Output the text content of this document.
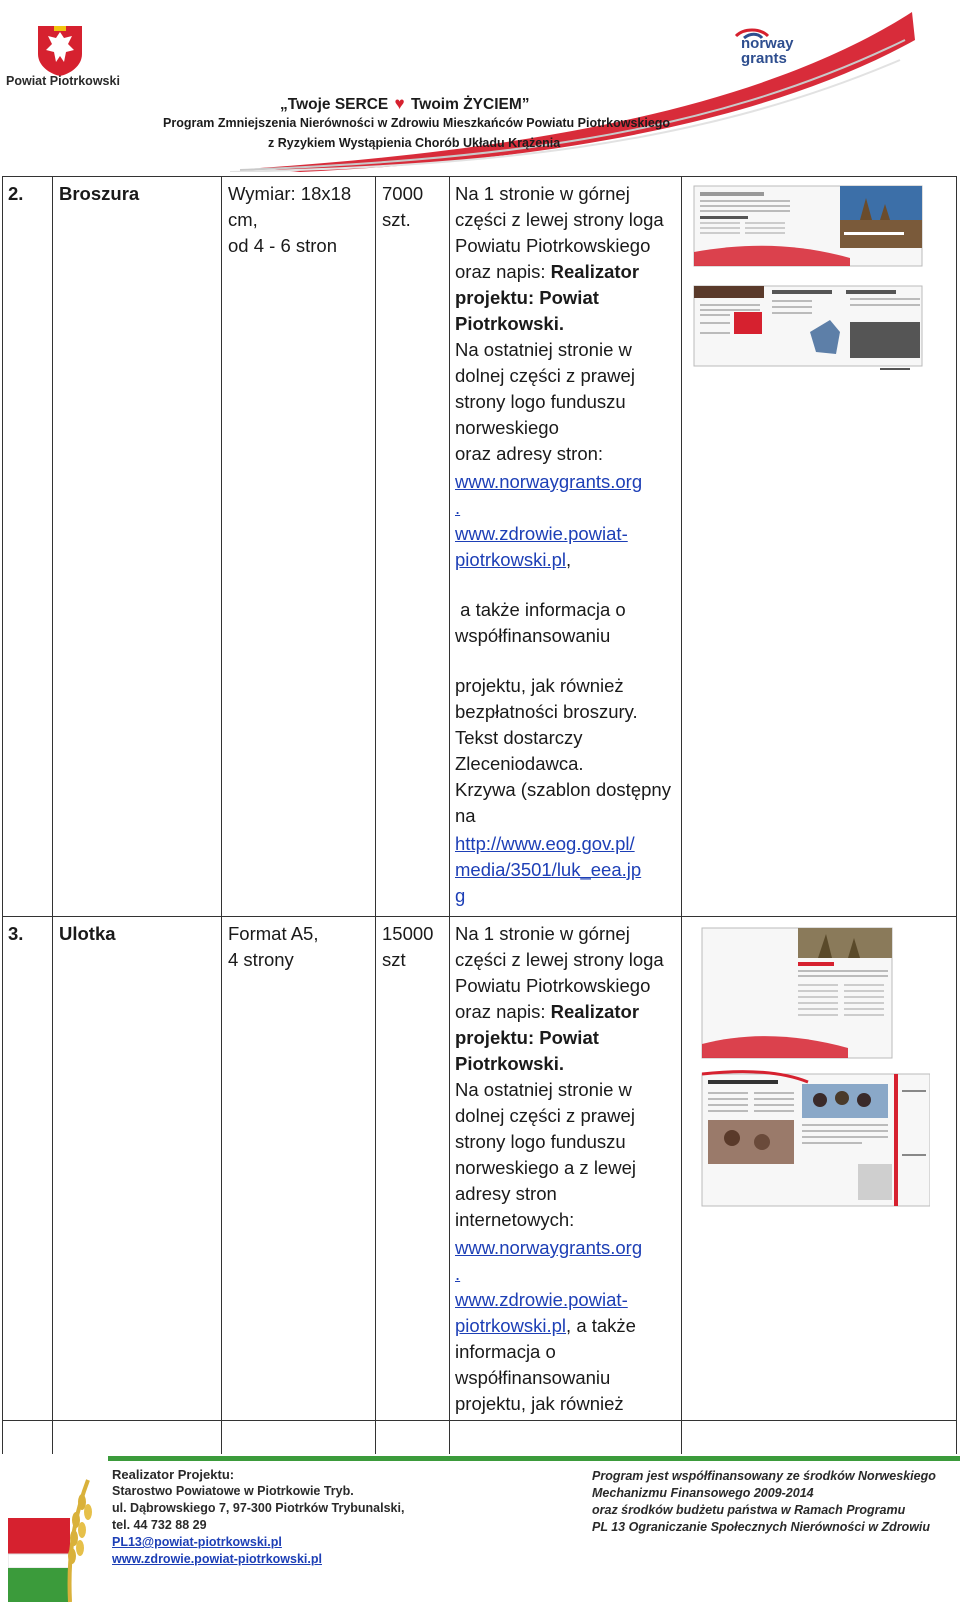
Powiat Piotrkowski
„Twoje SERCE ♥ Twoim ŻYCIEM”
Program Zmniejszenia Nierówności w Zdrowiu Mieszkańców Powiatu Piotrkowskiego
z Ryzykiem Wystąpienia Chorób Układu Krążenia
norway
grants
2. Broszura	Wymiar: 18x18
cm,
od 4 - 6 stron
7000
szt.
Na 1 stronie w górnej
części z lewej strony loga
Powiatu Piotrkowskiego
oraz napis: Realizator
projektu: Powiat
Piotrkowski.
Na ostatniej stronie w
dolnej części z prawej
strony logo funduszu
norweskiego
oraz adresy stron:
www.norwaygrants.org
.
www.zdrowie.powiat-
piotrkowski.pl,
a także informacja o
współfinansowaniu
projektu, jak również
bezpłatności broszury.
Tekst dostarczy
Zleceniodawca.
Krzywa (szablon dostępny
na
http://www.eog.gov.pl/
media/3501/luk_eea.jp
g
3. Ulotka	Format A5,
4 strony
15000
szt
Na 1 stronie w górnej
części z lewej strony loga
Powiatu Piotrkowskiego
oraz napis: Realizator
projektu: Powiat
Piotrkowski.
Na ostatniej stronie w
dolnej części z prawej
strony logo funduszu
norweskiego a z lewej
adresy stron
internetowych:
www.norwaygrants.org
.
www.zdrowie.powiat-
piotrkowski.pl, a także
informacja o
współfinansowaniu
projektu, jak również
Realizator Projektu:
Starostwo Powiatowe w Piotrkowie Tryb.
ul. Dąbrowskiego 7, 97-300 Piotrków Trybunalski,
tel. 44 732 88 29
PL13@powiat-piotrkowski.pl
www.zdrowie.powiat-piotrkowski.pl
Program jest współfinansowany ze środków Norweskiego
Mechanizmu Finansowego 2009-2014
oraz środków budżetu państwa w Ramach Programu
PL 13 Ograniczanie Społecznych Nierówności w Zdrowiu
